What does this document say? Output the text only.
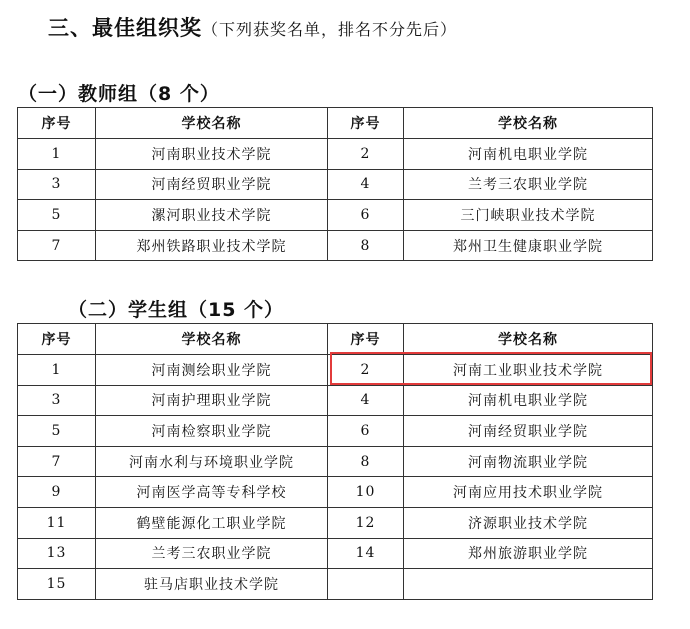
三、最佳组织奖（下列获奖名单，排名不分先后）
（一）教师组（8 个）
序号	学校名称	序号	学校名称
1	河南职业技术学院	2	河南机电职业学院
3	河南经贸职业学院	4	兰考三农职业学院
5	漯河职业技术学院	6	三门峡职业技术学院
7	郑州铁路职业技术学院	8	郑州卫生健康职业学院
（二）学生组（15 个）
序号	学校名称	序号	学校名称
1	河南测绘职业学院	2	河南工业职业技术学院
3	河南护理职业学院	4	河南机电职业学院
5	河南检察职业学院	6	河南经贸职业学院
7	河南水利与环境职业学院	8	河南物流职业学院
9	河南医学高等专科学校	10	河南应用技术职业学院
11	鹤壁能源化工职业学院	12	济源职业技术学院
13	兰考三农职业学院	14	郑州旅游职业学院
15	驻马店职业技术学院		
